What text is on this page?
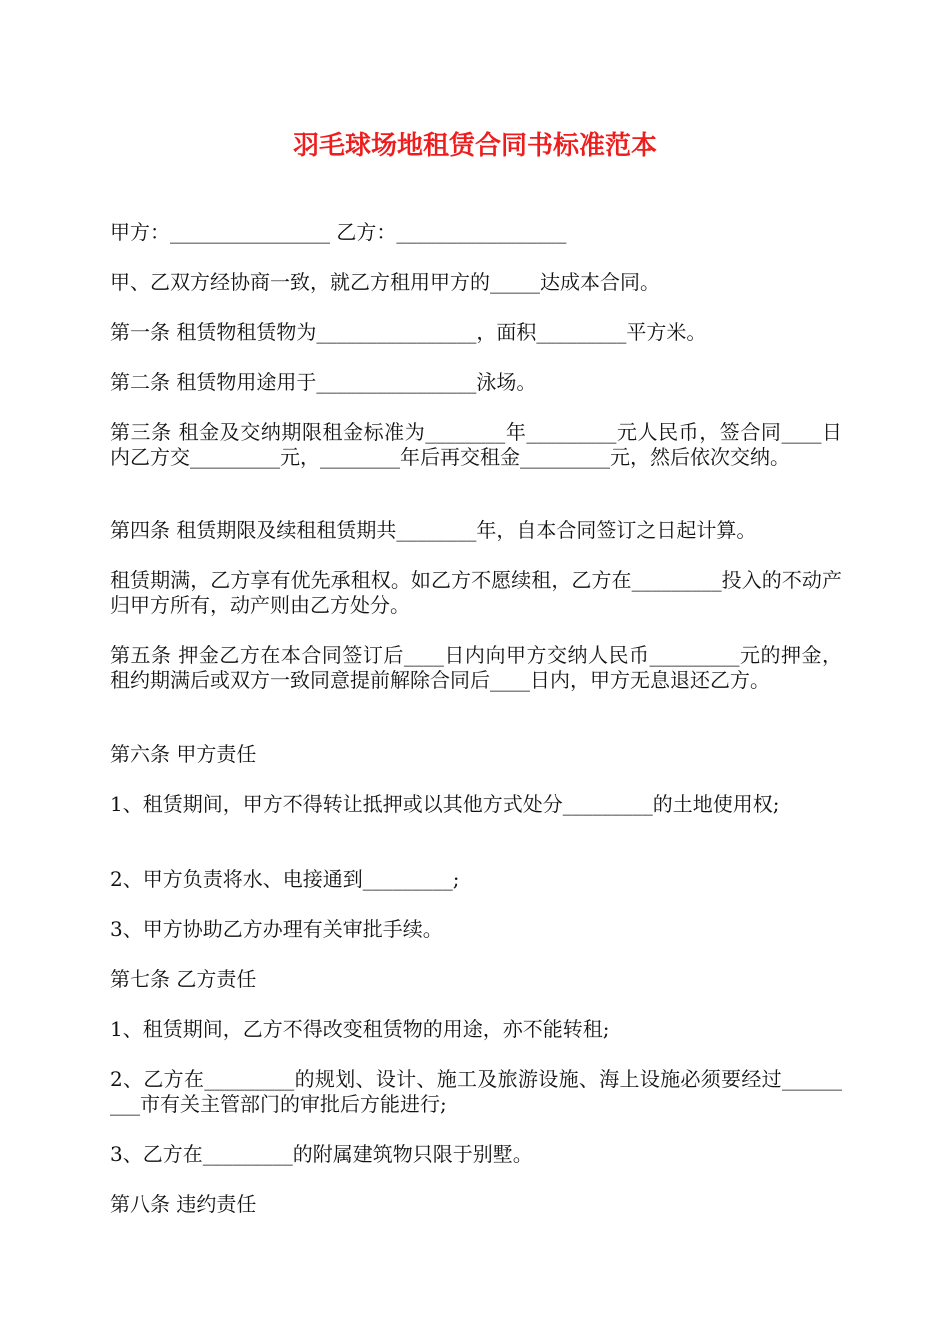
羽毛球场地租赁合同书标准范本

甲方：________________ 乙方：_________________

甲、乙双方经协商一致，就乙方租用甲方的_____达成本合同。

第一条 租赁物租赁物为________________，面积_________平方米。

第二条 租赁物用途用于________________泳场。

第三条 租金及交纳期限租金标准为________年_________元人民币，签合同____日内乙方交_________元，________年后再交租金_________元，然后依次交纳。

第四条 租赁期限及续租租赁期共________年，自本合同签订之日起计算。

租赁期满，乙方享有优先承租权。如乙方不愿续租，乙方在_________投入的不动产归甲方所有，动产则由乙方处分。

第五条 押金乙方在本合同签订后____日内向甲方交纳人民币_________元的押金，租约期满后或双方一致同意提前解除合同后____日内，甲方无息退还乙方。

第六条 甲方责任

1、租赁期间，甲方不得转让抵押或以其他方式处分_________的土地使用权;

2、甲方负责将水、电接通到_________;

3、甲方协助乙方办理有关审批手续。

第七条 乙方责任

1、租赁期间，乙方不得改变租赁物的用途，亦不能转租;

2、乙方在_________的规划、设计、施工及旅游设施、海上设施必须要经过_________市有关主管部门的审批后方能进行;

3、乙方在_________的附属建筑物只限于别墅。

第八条 违约责任
